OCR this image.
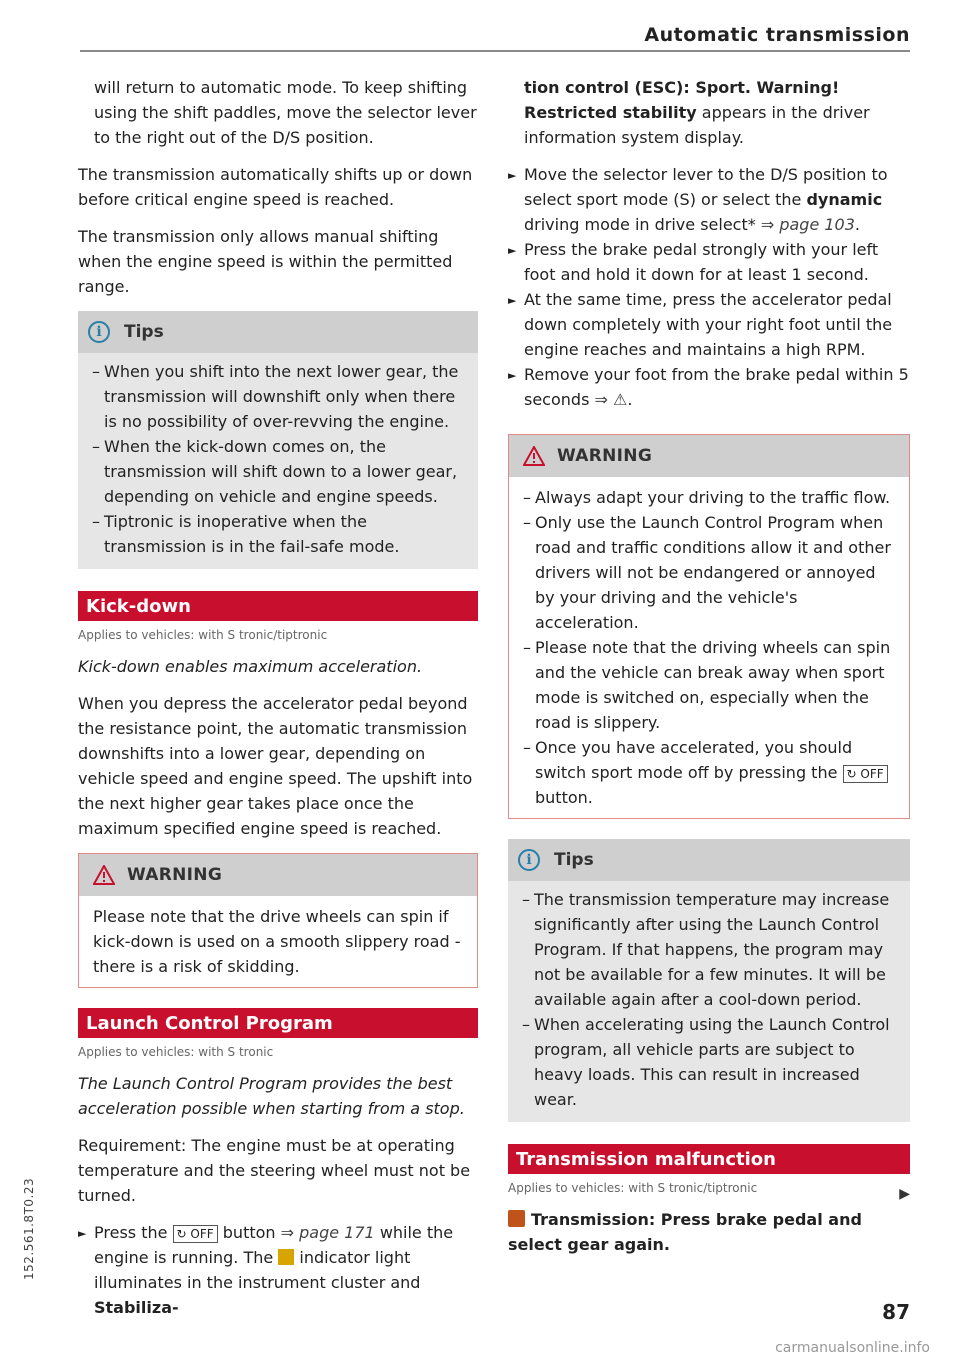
Automatic transmission

will return to automatic mode. To keep shifting using the shift paddles, move the selector lever to the right out of the D/S position.

The transmission automatically shifts up or down before critical engine speed is reached.

The transmission only allows manual shifting when the engine speed is within the permitted range.

i	Tips
– When you shift into the next lower gear, the transmission will downshift only when there is no possibility of over-revving the engine.
– When the kick-down comes on, the transmission will shift down to a lower gear, depending on vehicle and engine speeds.
– Tiptronic is inoperative when the transmission is in the fail-safe mode.
Kick-down
Applies to vehicles: with S tronic/tiptronic

Kick-down enables maximum acceleration.

When you depress the accelerator pedal beyond the resistance point, the automatic transmission downshifts into a lower gear, depending on vehicle speed and engine speed. The upshift into the next higher gear takes place once the maximum specified engine speed is reached.

WARNING

Please note that the drive wheels can spin if kick-down is used on a smooth slippery road - there is a risk of skidding.

Launch Control Program
Applies to vehicles: with S tronic

The Launch Control Program provides the best acceleration possible when starting from a stop.

Requirement: The engine must be at operating temperature and the steering wheel must not be turned.

► Press the ↻ OFF button ⇒ page 171 while the engine is running. The indicator light illuminates in the instrument cluster and Stabiliza-

tion control (ESC): Sport. Warning! Restricted stability appears in the driver information system display.

► Move the selector lever to the D/S position to select sport mode (S) or select the dynamic driving mode in drive select* ⇒ page 103.
► Press the brake pedal strongly with your left foot and hold it down for at least 1 second.
► At the same time, press the accelerator pedal down completely with your right foot until the engine reaches and maintains a high RPM.
► Remove your foot from the brake pedal within 5 seconds ⇒ ⚠.
WARNING
– Always adapt your driving to the traffic flow.
– Only use the Launch Control Program when road and traffic conditions allow it and other drivers will not be endangered or annoyed by your driving and the vehicle's acceleration.
– Please note that the driving wheels can spin and the vehicle can break away when sport mode is switched on, especially when the road is slippery.
– Once you have accelerated, you should switch sport mode off by pressing the ↻ OFF button.
i	Tips
– The transmission temperature may increase significantly after using the Launch Control Program. If that happens, the program may not be available for a few minutes. It will be available again after a cool-down period.
– When accelerating using the Launch Control program, all vehicle parts are subject to heavy loads. This can result in increased wear.
Transmission malfunction
Applies to vehicles: with S tronic/tiptronic

Transmission: Press brake pedal and select gear again.

▶
87
152.561.8T0.23
carmanualsonline.info
